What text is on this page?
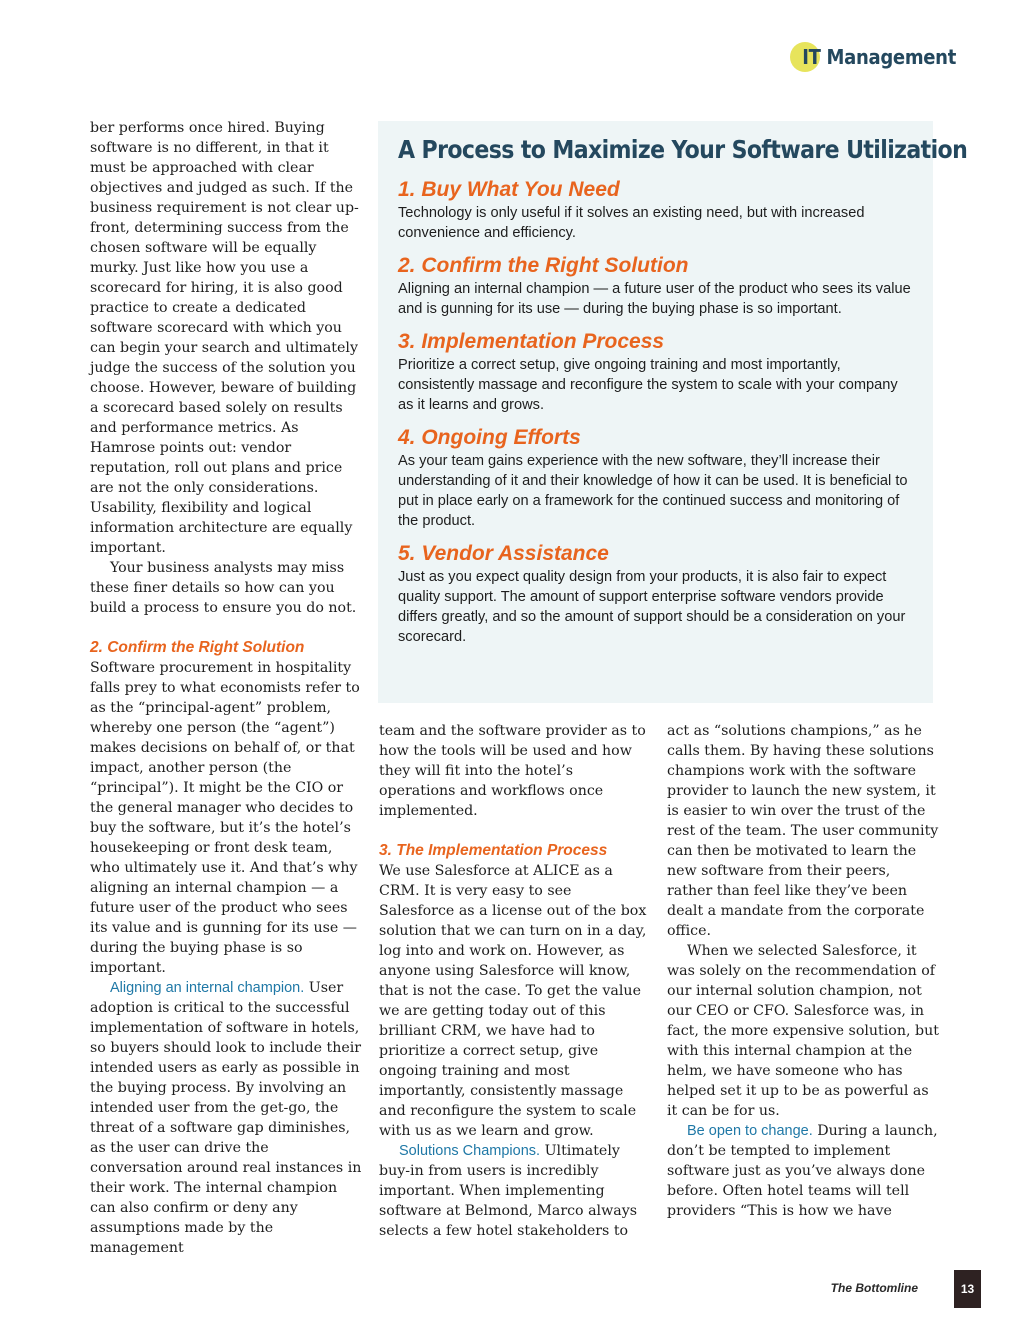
IT Management

ber performs once hired. Buying software is no different, in that it must be approached with clear objectives and judged as such. If the business requirement is not clear up-front, determining success from the chosen software will be equally murky. Just like how you use a scorecard for hiring, it is also good practice to create a dedicated software scorecard with which you can begin your search and ultimately judge the success of the solution you choose. However, beware of building a scorecard based solely on results and performance metrics. As Hamrose points out: vendor reputation, roll out plans and price are not the only considerations. Usability, flexibility and logical information architecture are equally important.

Your business analysts may miss these finer details so how can you build a process to ensure you do not.

2. Confirm the Right Solution

Software procurement in hospitality falls prey to what economists refer to as the “principal-agent” problem, whereby one person (the “agent”) makes decisions on behalf of, or that impact, another person (the “principal”). It might be the CIO or the general manager who decides to buy the software, but it’s the hotel’s housekeeping or front desk team, who ultimately use it. And that’s why aligning an internal champion — a future user of the product who sees its value and is gunning for its use — during the buying phase is so important.

Aligning an internal champion. User adoption is critical to the successful implementation of software in hotels, so buyers should look to include their intended users as early as possible in the buying process. By involving an intended user from the get-go, the threat of a software gap diminishes, as the user can drive the conversation around real instances in their work. The internal champion can also confirm or deny any assumptions made by the management

A Process to Maximize Your Software Utilization
1. Buy What You Need

Technology is only useful if it solves an existing need, but with increased convenience and efficiency.

2. Confirm the Right Solution

Aligning an internal champion — a future user of the product who sees its value and is gunning for its use — during the buying phase is so important.

3. Implementation Process

Prioritize a correct setup, give ongoing training and most importantly, consistently massage and reconfigure the system to scale with your company as it learns and grows.

4. Ongoing Efforts

As your team gains experience with the new software, they’ll increase their understanding of it and their knowledge of how it can be used. It is beneficial to put in place early on a framework for the continued success and monitoring of the product.

5. Vendor Assistance

Just as you expect quality design from your products, it is also fair to expect quality support. The amount of support enterprise software vendors provide differs greatly, and so the amount of support should be a consideration on your scorecard.

team and the software provider as to how the tools will be used and how they will fit into the hotel’s operations and workflows once implemented.

3. The Implementation Process

We use Salesforce at ALICE as a CRM. It is very easy to see Salesforce as a license out of the box solution that we can turn on in a day, log into and work on. However, as anyone using Salesforce will know, that is not the case. To get the value we are getting today out of this brilliant CRM, we have had to prioritize a correct setup, give ongoing training and most importantly, consistently massage and reconfigure the system to scale with us as we learn and grow.

Solutions Champions. Ultimately buy-in from users is incredibly important. When implementing software at Belmond, Marco always selects a few hotel stakeholders to

act as “solutions champions,” as he calls them. By having these solutions champions work with the software provider to launch the new system, it is easier to win over the trust of the rest of the team. The user community can then be motivated to learn the new software from their peers, rather than feel like they’ve been dealt a mandate from the corporate office.

When we selected Salesforce, it was solely on the recommendation of our internal solution champion, not our CEO or CFO. Salesforce was, in fact, the more expensive solution, but with this internal champion at the helm, we have someone who has helped set it up to be as powerful as it can be for us.

Be open to change. During a launch, don’t be tempted to implement software just as you’ve always done before. Often hotel teams will tell providers “This is how we have

The Bottomline	13
